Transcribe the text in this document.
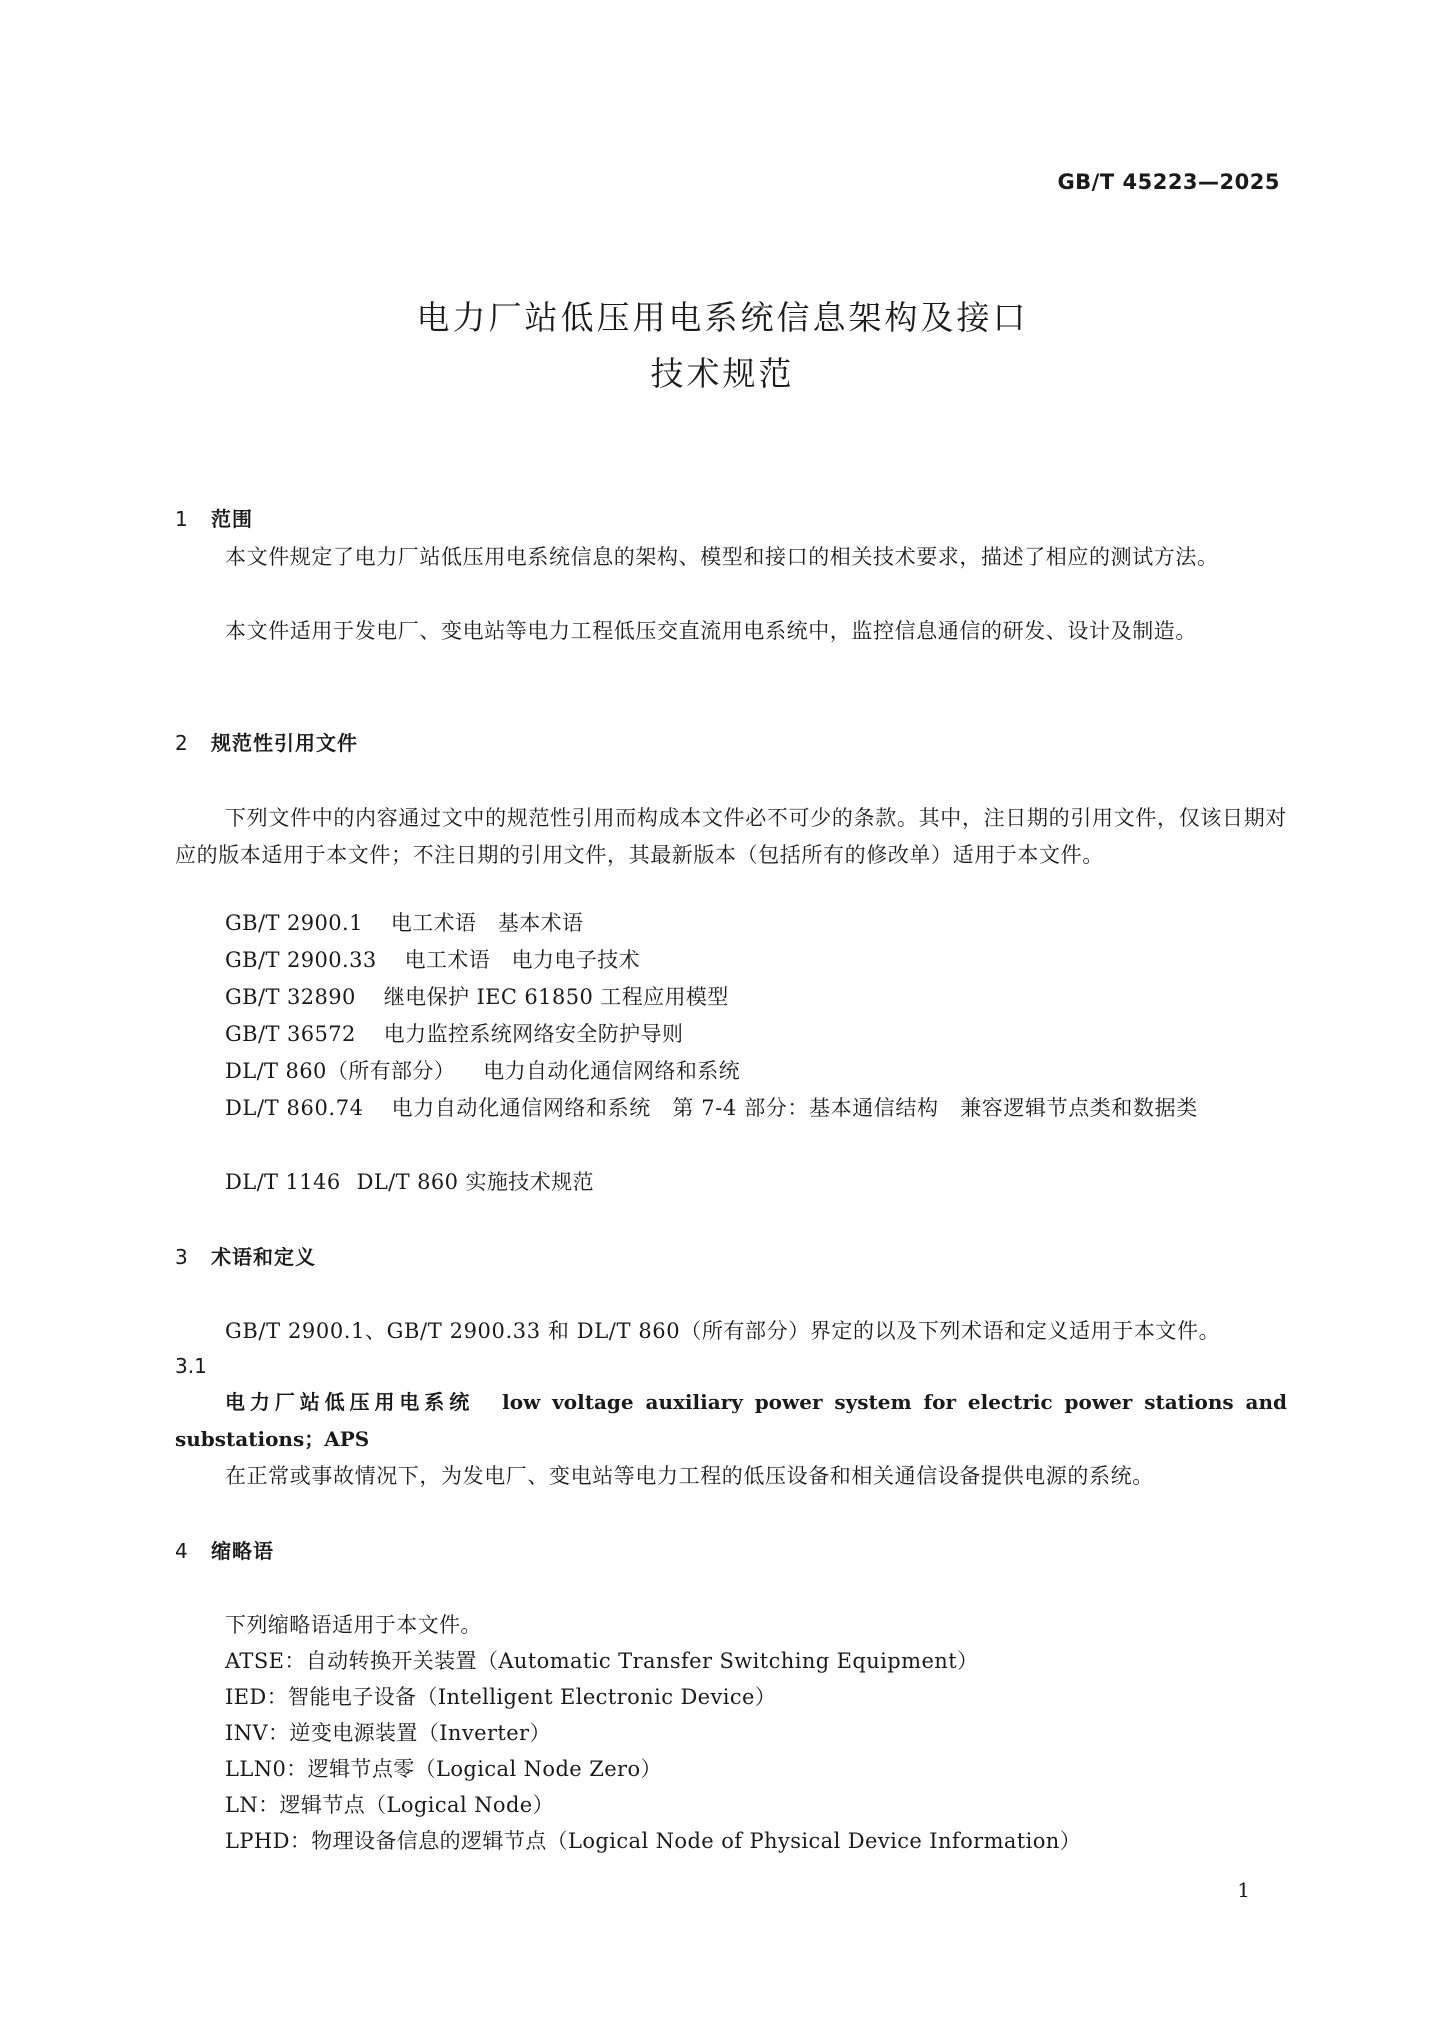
GB/T 45223—2025
电力厂站低压用电系统信息架构及接口
技术规范
1 范围
本文件规定了电力厂站低压用电系统信息的架构、模型和接口的相关技术要求，描述了相应的测试方法。
本文件适用于发电厂、变电站等电力工程低压交直流用电系统中，监控信息通信的研发、设计及制造。
2 规范性引用文件
下列文件中的内容通过文中的规范性引用而构成本文件必不可少的条款。其中，注日期的引用文件，仅该日期对应的版本适用于本文件；不注日期的引用文件，其最新版本（包括所有的修改单）适用于本文件。
GB/T 2900.1 电工术语　基本术语
GB/T 2900.33 电工术语　电力电子技术
GB/T 32890 继电保护 IEC 61850 工程应用模型
GB/T 36572 电力监控系统网络安全防护导则
DL/T 860（所有部分） 电力自动化通信网络和系统
DL/T 860.74 电力自动化通信网络和系统　第 7-4 部分：基本通信结构　兼容逻辑节点类和数据类
DL/T 1146 DL/T 860 实施技术规范
3 术语和定义
GB/T 2900.1、GB/T 2900.33 和 DL/T 860（所有部分）界定的以及下列术语和定义适用于本文件。
3.1
电力厂站低压用电系统 low voltage auxiliary power system for electric power stations and substations；APS
在正常或事故情况下，为发电厂、变电站等电力工程的低压设备和相关通信设备提供电源的系统。
4 缩略语
下列缩略语适用于本文件。
ATSE：自动转换开关装置（Automatic Transfer Switching Equipment）
IED：智能电子设备（Intelligent Electronic Device）
INV：逆变电源装置（Inverter）
LLN0：逻辑节点零（Logical Node Zero）
LN：逻辑节点（Logical Node）
LPHD：物理设备信息的逻辑节点（Logical Node of Physical Device Information）
1
